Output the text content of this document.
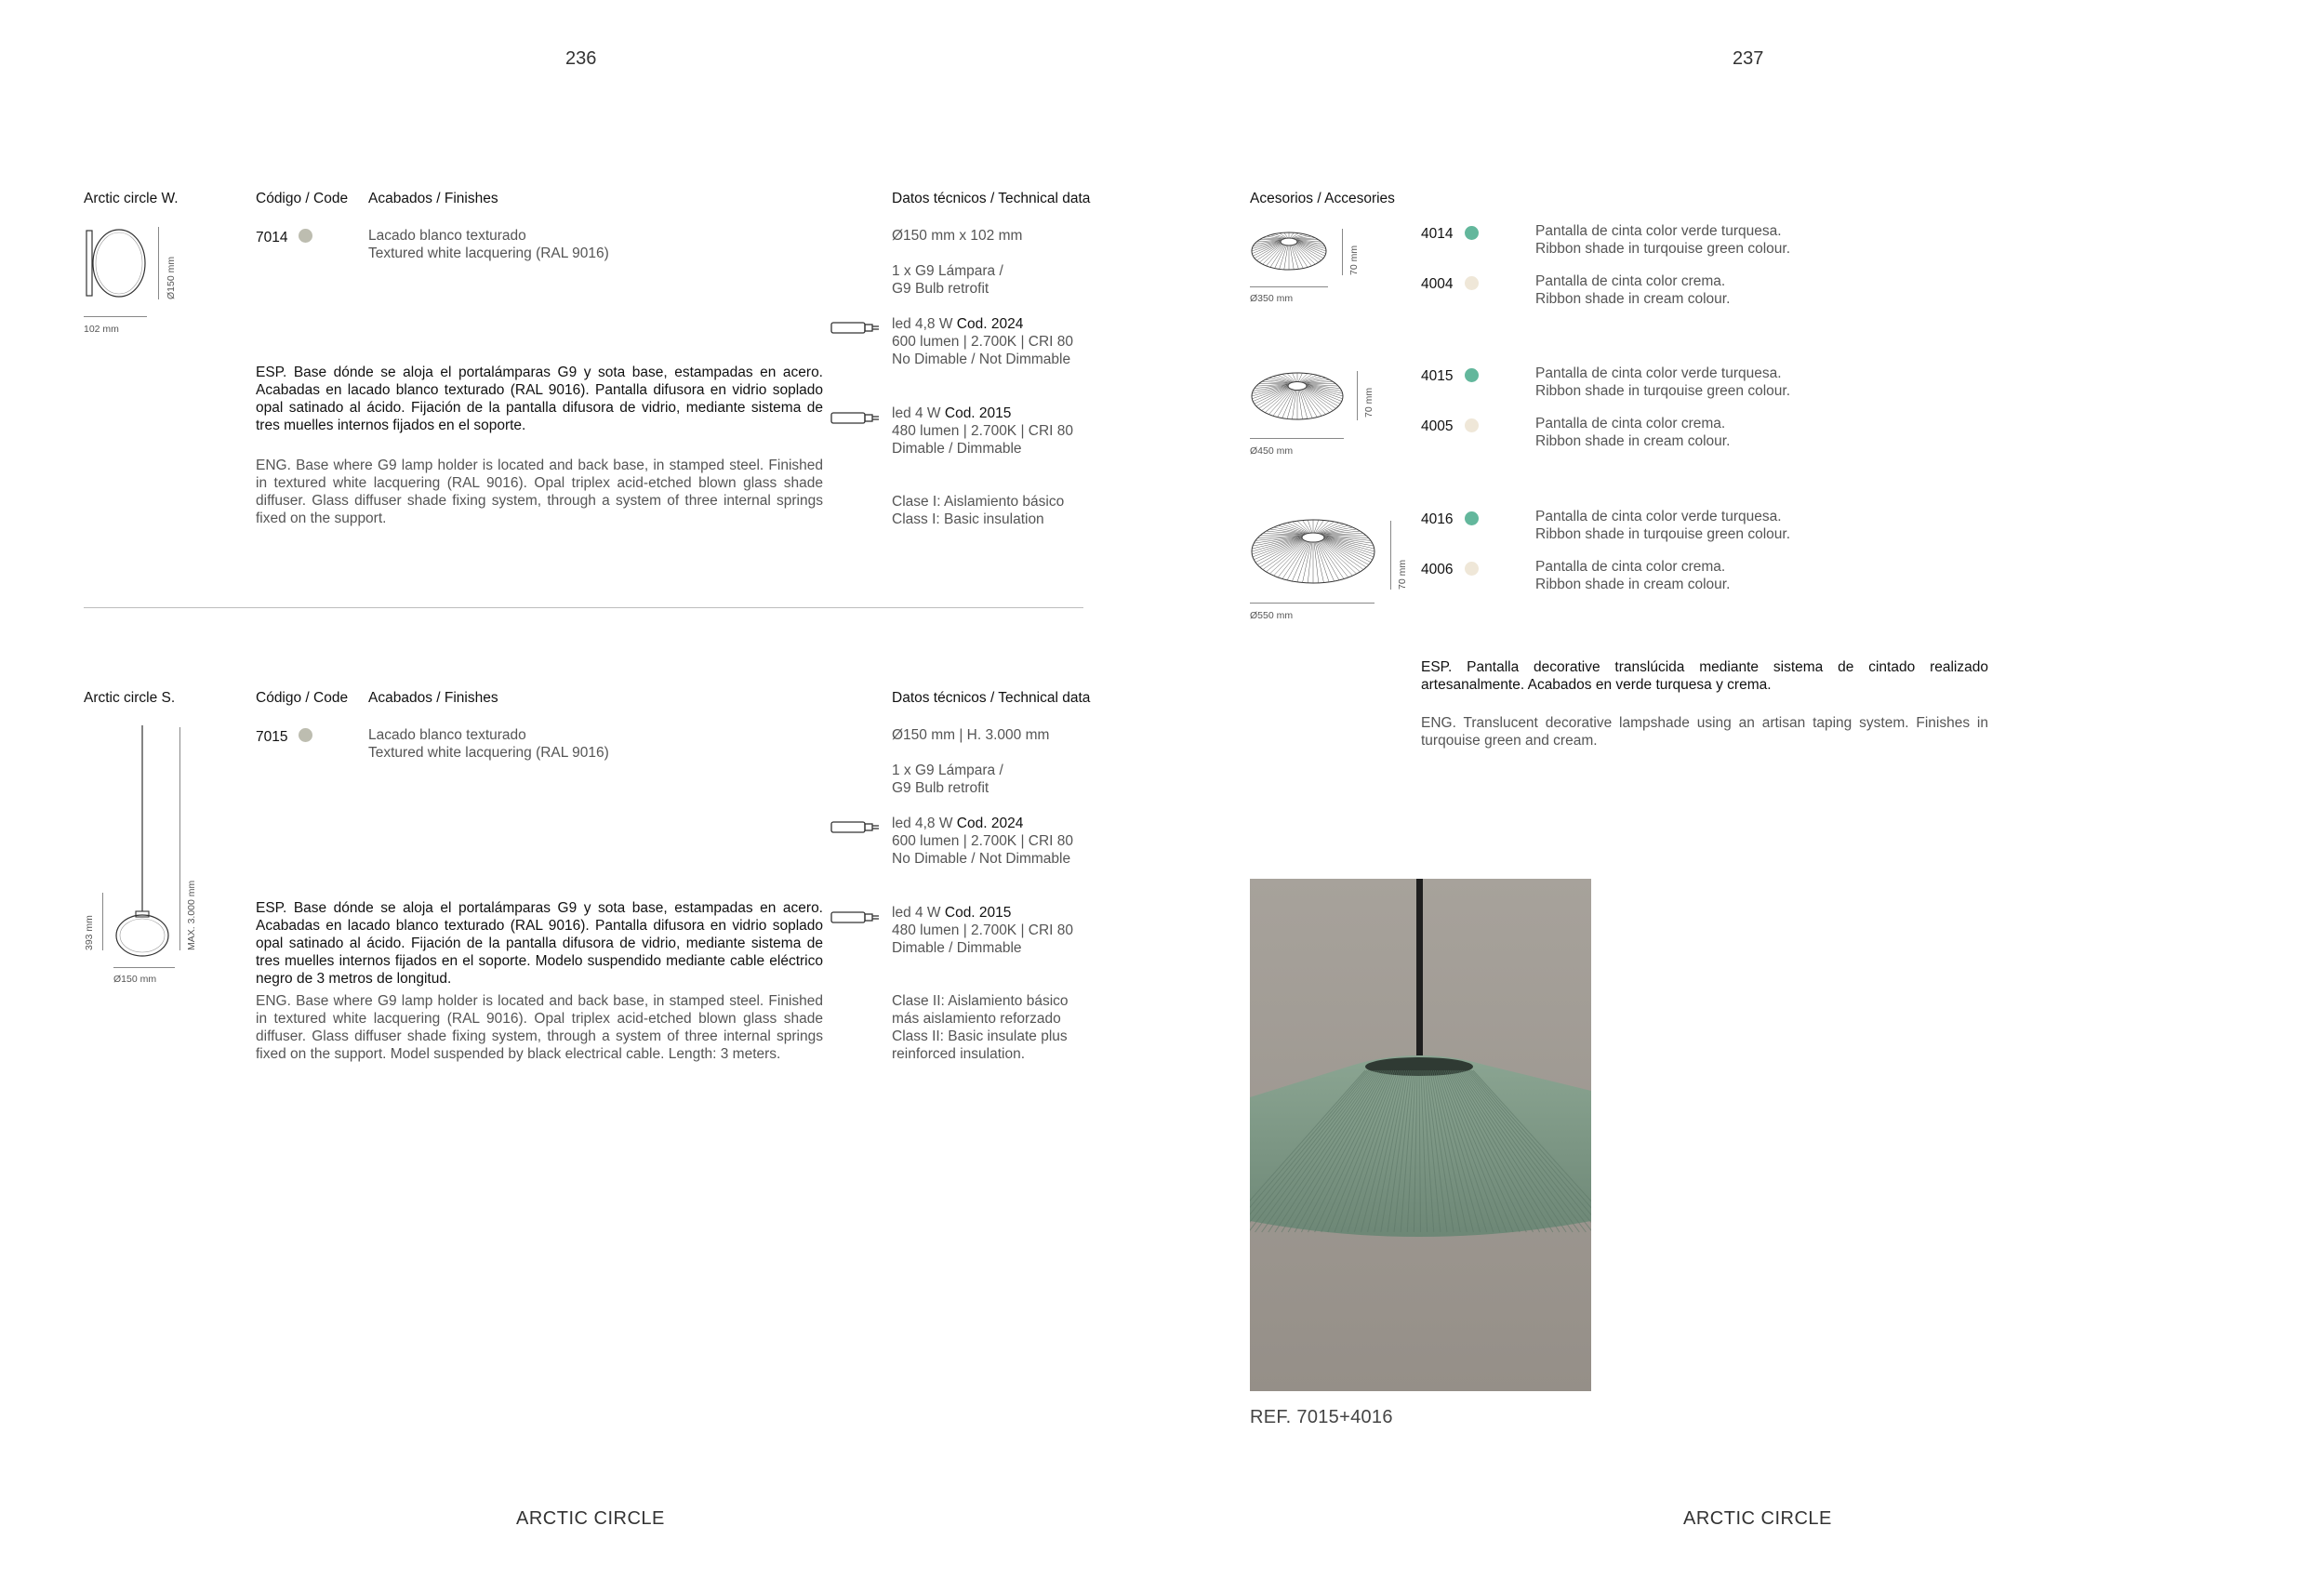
236	237
Arctic circle W.	Código / Code Acabados / Finishes	Datos técnicos / Technical data
Ø150 mm
102 mm
7014	Lacado blanco texturado
Textured white lacquering (RAL 9016)
Ø150 mm x 102 mm
1 x G9 Lámpara /
G9 Bulb retrofit
led 4,8 W Cod. 2024
600 lumen | 2.700K | CRI 80
No Dimable / Not Dimmable
led 4 W Cod. 2015
480 lumen | 2.700K | CRI 80
Dimable / Dimmable
Clase I: Aislamiento básico
Class I: Basic insulation
ESP. Base dónde se aloja el portalámparas G9 y sota base, estampadas en acero. Acabadas en lacado blanco texturado (RAL 9016). Pantalla difusora en vidrio soplado opal satinado al ácido. Fijación de la pantalla difusora de vidrio, mediante sistema de tres muelles internos fijados en el soporte.
ENG. Base where G9 lamp holder is located and back base, in stamped steel. Finished in textured white lacquering (RAL 9016). Opal triplex acid-etched blown glass shade diffuser. Glass diffuser shade fixing system, through a system of three internal springs fixed on the support.
Arctic circle S.	Código / Code Acabados / Finishes	Datos técnicos / Technical data
MAX. 3.000 mm
393 mm
Ø150 mm
7015	Lacado blanco texturado
Textured white lacquering (RAL 9016)
Ø150 mm | H. 3.000 mm
1 x G9 Lámpara /
G9 Bulb retrofit
led 4,8 W Cod. 2024
600 lumen | 2.700K | CRI 80
No Dimable / Not Dimmable
led 4 W Cod. 2015
480 lumen | 2.700K | CRI 80
Dimable / Dimmable
Clase II: Aislamiento básico
más aislamiento reforzado
Class II: Basic insulate plus
reinforced insulation.
ESP. Base dónde se aloja el portalámparas G9 y sota base, estampadas en acero. Acabadas en lacado blanco texturado (RAL 9016). Pantalla difusora en vidrio soplado opal satinado al ácido. Fijación de la pantalla difusora de vidrio, mediante sistema de tres muelles internos fijados en el soporte. Modelo suspendido mediante cable eléctrico negro de 3 metros de longitud.
ENG. Base where G9 lamp holder is located and back base, in stamped steel. Finished in textured white lacquering (RAL 9016). Opal triplex acid-etched blown glass shade diffuser. Glass diffuser shade fixing system, through a system of three internal springs fixed on the support. Model suspended by black electrical cable. Length: 3 meters.
Acesorios / Accesories
70 mm
Ø350 mm
4014	Pantalla de cinta color verde turquesa.
Ribbon shade in turqouise green colour.
4004	Pantalla de cinta color crema.
Ribbon shade in cream colour.
70 mm
Ø450 mm
4015	Pantalla de cinta color verde turquesa.
Ribbon shade in turqouise green colour.
4005	Pantalla de cinta color crema.
Ribbon shade in cream colour.
70 mm
Ø550 mm
4016	Pantalla de cinta color verde turquesa.
Ribbon shade in turqouise green colour.
4006	Pantalla de cinta color crema.
Ribbon shade in cream colour.
ESP. Pantalla decorative translúcida mediante sistema de cintado realizado artesanalmente. Acabados en verde turquesa y crema.
ENG. Translucent decorative lampshade using an artisan taping system. Finishes in turqouise green and cream.
REF. 7015+4016
ARCTIC CIRCLE	ARCTIC CIRCLE
